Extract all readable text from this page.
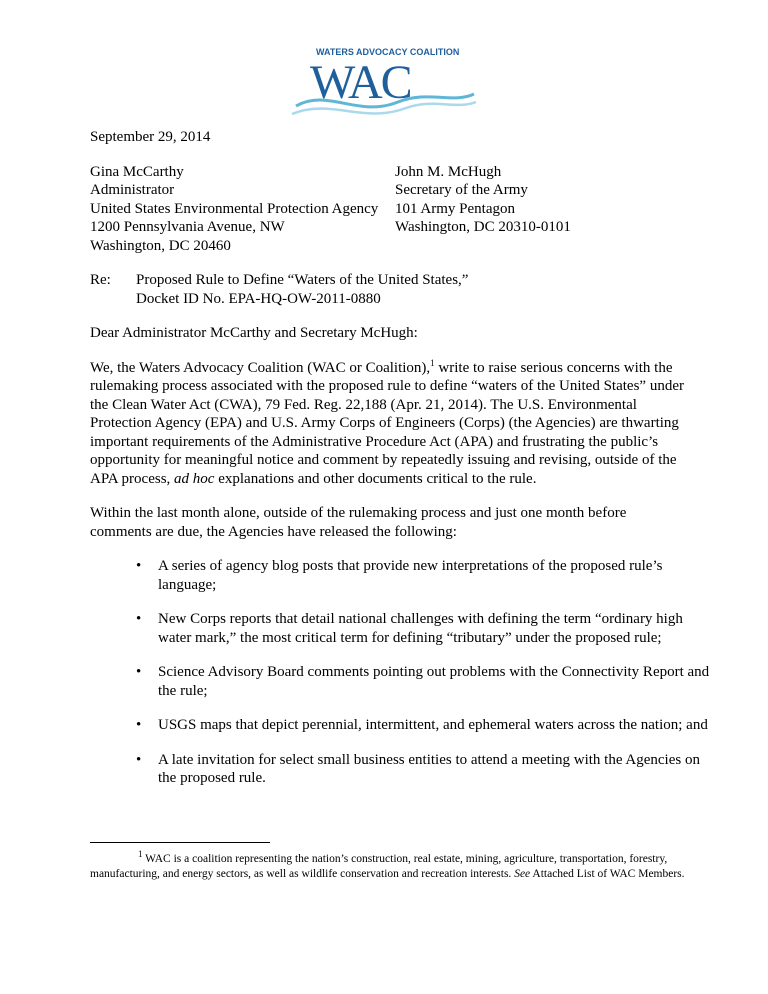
WATERS ADVOCACY COALITION
WAC
September 29, 2014
Gina McCarthy
Administrator
United States Environmental Protection Agency
1200 Pennsylvania Avenue, NW
Washington, DC 20460
John M. McHugh
Secretary of the Army
101 Army Pentagon
Washington, DC 20310-0101
Re:	Proposed Rule to Define “Waters of the United States,”
Docket ID No. EPA-HQ-OW-2011-0880
Dear Administrator McCarthy and Secretary McHugh:

We, the Waters Advocacy Coalition (WAC or Coalition),$^1$ write to raise serious concerns with the rulemaking process associated with the proposed rule to define “waters of the United States” under the Clean Water Act (CWA), 79 Fed. Reg. 22,188 (Apr. 21, 2014). The U.S. Environmental Protection Agency (EPA) and U.S. Army Corps of Engineers (Corps) (the Agencies) are thwarting important requirements of the Administrative Procedure Act (APA) and frustrating the public’s opportunity for meaningful notice and comment by repeatedly issuing and revising, outside of the APA process, ad hoc explanations and other documents critical to the rule.

Within the last month alone, outside of the rulemaking process and just one month before comments are due, the Agencies have released the following:

• A series of agency blog posts that provide new interpretations of the proposed rule’s language;
• New Corps reports that detail national challenges with defining the term “ordinary high water mark,” the most critical term for defining “tributary” under the proposed rule;
• Science Advisory Board comments pointing out problems with the Connectivity Report and the rule;
• USGS maps that depict perennial, intermittent, and ephemeral waters across the nation; and
• A late invitation for select small business entities to attend a meeting with the Agencies on the proposed rule.
$^1$ WAC is a coalition representing the nation’s construction, real estate, mining, agriculture, transportation, forestry, manufacturing, and energy sectors, as well as wildlife conservation and recreation interests. See Attached List of WAC Members.
